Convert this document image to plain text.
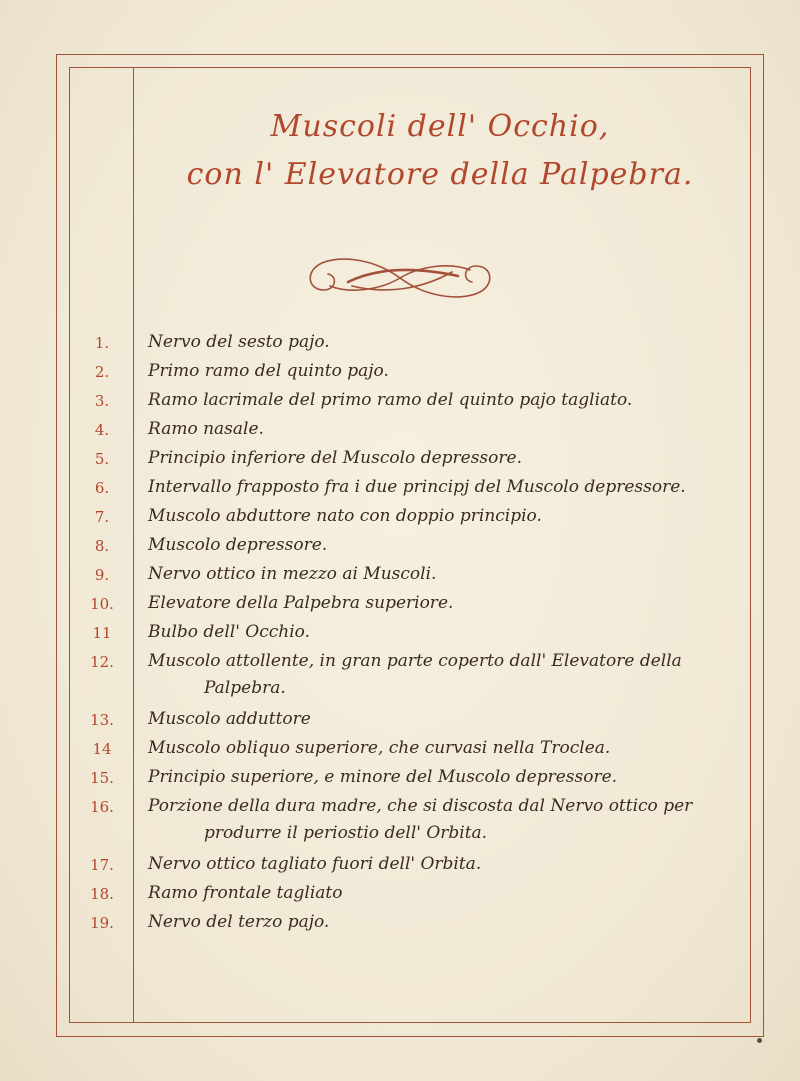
Muscoli dell' Occhio,
con l' Elevatore della Palpebra.
1.	Nervo del sesto pajo.
2.	Primo ramo del quinto pajo.
3.	Ramo lacrimale del primo ramo del quinto pajo tagliato.
4.	Ramo nasale.
5.	Principio inferiore del Muscolo depressore.
6.	Intervallo frapposto fra i due principj del Muscolo depressore.
7.	Muscolo abduttore nato con doppio principio.
8.	Muscolo depressore.
9.	Nervo ottico in mezzo ai Muscoli.
10.	Elevatore della Palpebra superiore.
11	Bulbo dell' Occhio.
12.	Muscolo attollente, in gran parte coperto dall' Elevatore della
Palpebra.
13.	Muscolo adduttore
14	Muscolo obliquo superiore, che curvasi nella Troclea.
15.	Principio superiore, e minore del Muscolo depressore.
16.	Porzione della dura madre, che si discosta dal Nervo ottico per
produrre il periostio dell' Orbita.
17.	Nervo ottico tagliato fuori dell' Orbita.
18.	Ramo frontale tagliato
19.	Nervo del terzo pajo.
